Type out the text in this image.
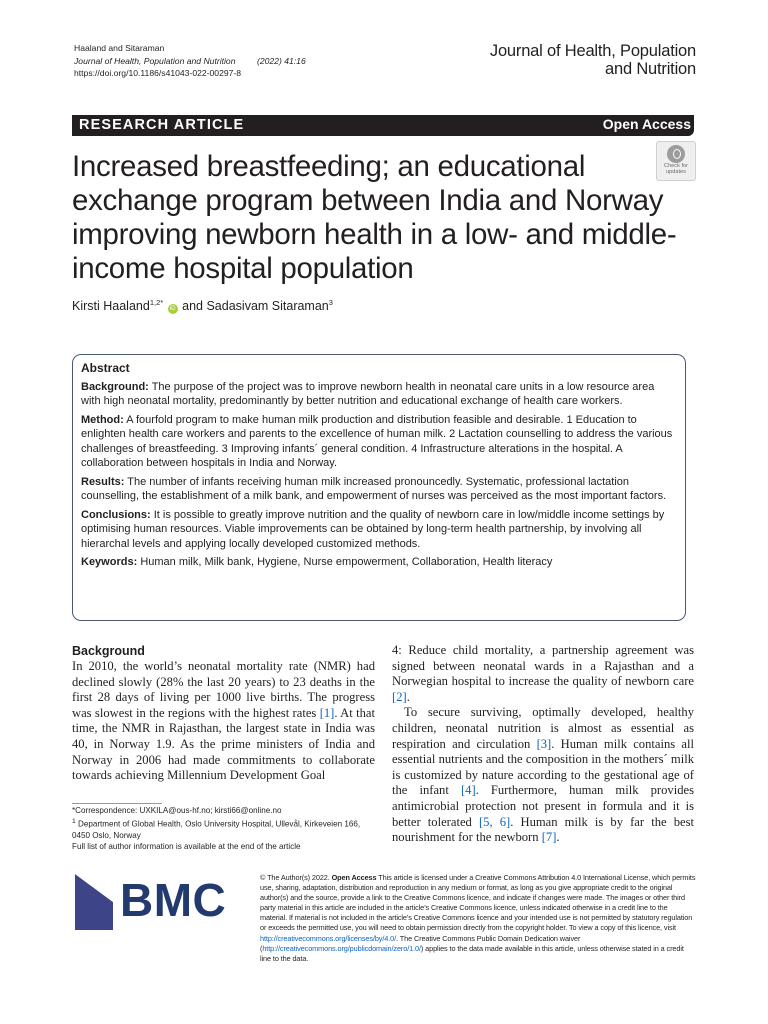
Haaland and Sitaraman
Journal of Health, Population and Nutrition	(2022) 41:16
https://doi.org/10.1186/s41043-022-00297-8
Journal of Health, Population
and Nutrition
RESEARCH ARTICLE	Open Access
Increased breastfeeding; an educational exchange program between India and Norway improving newborn health in a low- and middle-income hospital population
Check for
updates
Kirsti Haaland$^{1,2*}$ iD and Sadasivam Sitaraman$^3$
Abstract

Background: The purpose of the project was to improve newborn health in neonatal care units in a low resource area with high neonatal mortality, predominantly by better nutrition and educational exchange of health care workers.

Method: A fourfold program to make human milk production and distribution feasible and desirable. 1 Education to enlighten health care workers and parents to the excellence of human milk. 2 Lactation counselling to address the various challenges of breastfeeding. 3 Improving infants´ general condition. 4 Infrastructure alterations in the hospital. A collaboration between hospitals in India and Norway.

Results: The number of infants receiving human milk increased pronouncedly. Systematic, professional lactation counselling, the establishment of a milk bank, and empowerment of nurses was perceived as the most important factors.

Conclusions: It is possible to greatly improve nutrition and the quality of newborn care in low/middle income settings by optimising human resources. Viable improvements can be obtained by long-term health partnership, by involving all hierarchal levels and applying locally developed customized methods.

Keywords: Human milk, Milk bank, Hygiene, Nurse empowerment, Collaboration, Health literacy

Background

In 2010, the world’s neonatal mortality rate (NMR) had declined slowly (28% the last 20 years) to 23 deaths in the first 28 days of living per 1000 live births. The progress was slowest in the regions with the highest rates [1]. At that time, the NMR in Rajasthan, the largest state in India was 40, in Norway 1.9. As the prime ministers of India and Norway in 2006 had made commitments to collaborate towards achieving Millennium Development Goal

4: Reduce child mortality, a partnership agreement was signed between neonatal wards in a Rajasthan and a Norwegian hospital to increase the quality of newborn care [2].

To secure surviving, optimally developed, healthy children, neonatal nutrition is almost as essential as respiration and circulation [3]. Human milk contains all essential nutrients and the composition in the mothers´ milk is customized by nature according to the gestational age of the infant [4]. Furthermore, human milk provides antimicrobial protection not present in formula and it is better tolerated [5, 6]. Human milk is by far the best nourishment for the newborn [7].

*Correspondence: UXKILA@ous-hf.no; kirsti66@online.no
$^1$ Department of Global Health, Oslo University Hospital, Ullevål, Kirkeveien 166, 0450 Oslo, Norway
Full list of author information is available at the end of the article
BMC	© The Author(s) 2022. Open Access This article is licensed under a Creative Commons Attribution 4.0 International License, which permits use, sharing, adaptation, distribution and reproduction in any medium or format, as long as you give appropriate credit to the original author(s) and the source, provide a link to the Creative Commons licence, and indicate if changes were made. The images or other third party material in this article are included in the article’s Creative Commons licence, unless indicated otherwise in a credit line to the material. If material is not included in the article’s Creative Commons licence and your intended use is not permitted by statutory regulation or exceeds the permitted use, you will need to obtain permission directly from the copyright holder. To view a copy of this licence, visit http://creativecommons.org/licenses/by/4.0/. The Creative Commons Public Domain Dedication waiver (http://creativecommons.org/publicdomain/zero/1.0/) applies to the data made available in this article, unless otherwise stated in a credit line to the data.
